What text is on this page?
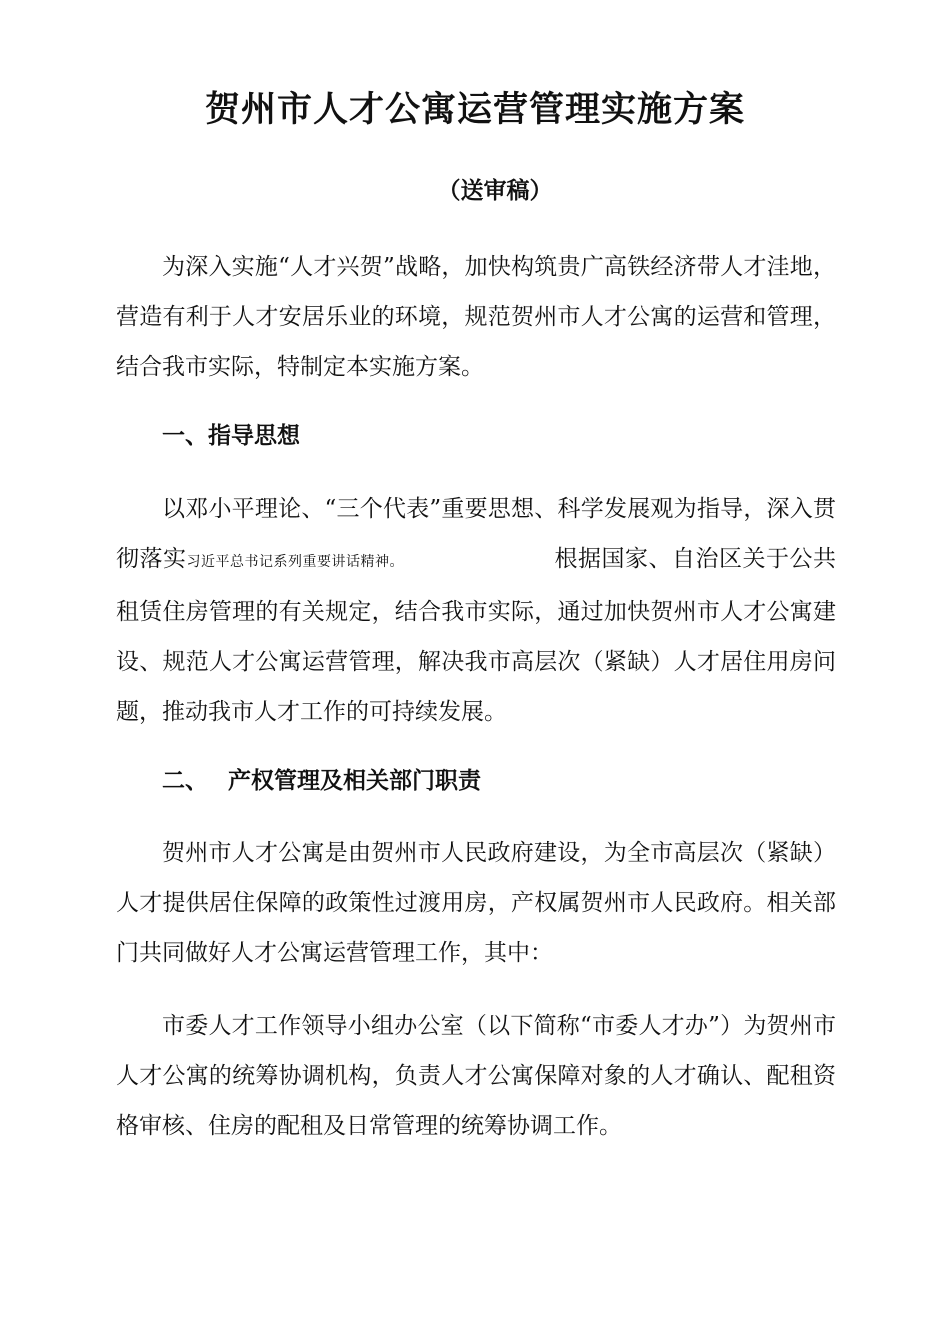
贺州市人才公寓运营管理实施方案
（送审稿）

为深入实施“人才兴贺”战略，加快构筑贵广高铁经济带人才洼地，营造有利于人才安居乐业的环境，规范贺州市人才公寓的运营和管理，结合我市实际，特制定本实施方案。

一、指导思想

以邓小平理论、“三个代表”重要思想、科学发展观为指导，深入贯彻落实习近平总书记系列重要讲话精神。	根据国家、自治区关于公共租赁住房管理的有关规定，结合我市实际，通过加快贺州市人才公寓建设、规范人才公寓运营管理，解决我市高层次（紧缺）人才居住用房问题，推动我市人才工作的可持续发展。

二、 产权管理及相关部门职责

贺州市人才公寓是由贺州市人民政府建设，为全市高层次（紧缺）人才提供居住保障的政策性过渡用房，产权属贺州市人民政府。相关部门共同做好人才公寓运营管理工作，其中：

市委人才工作领导小组办公室（以下简称“市委人才办”）为贺州市人才公寓的统筹协调机构，负责人才公寓保障对象的人才确认、配租资格审核、住房的配租及日常管理的统筹协调工作。
